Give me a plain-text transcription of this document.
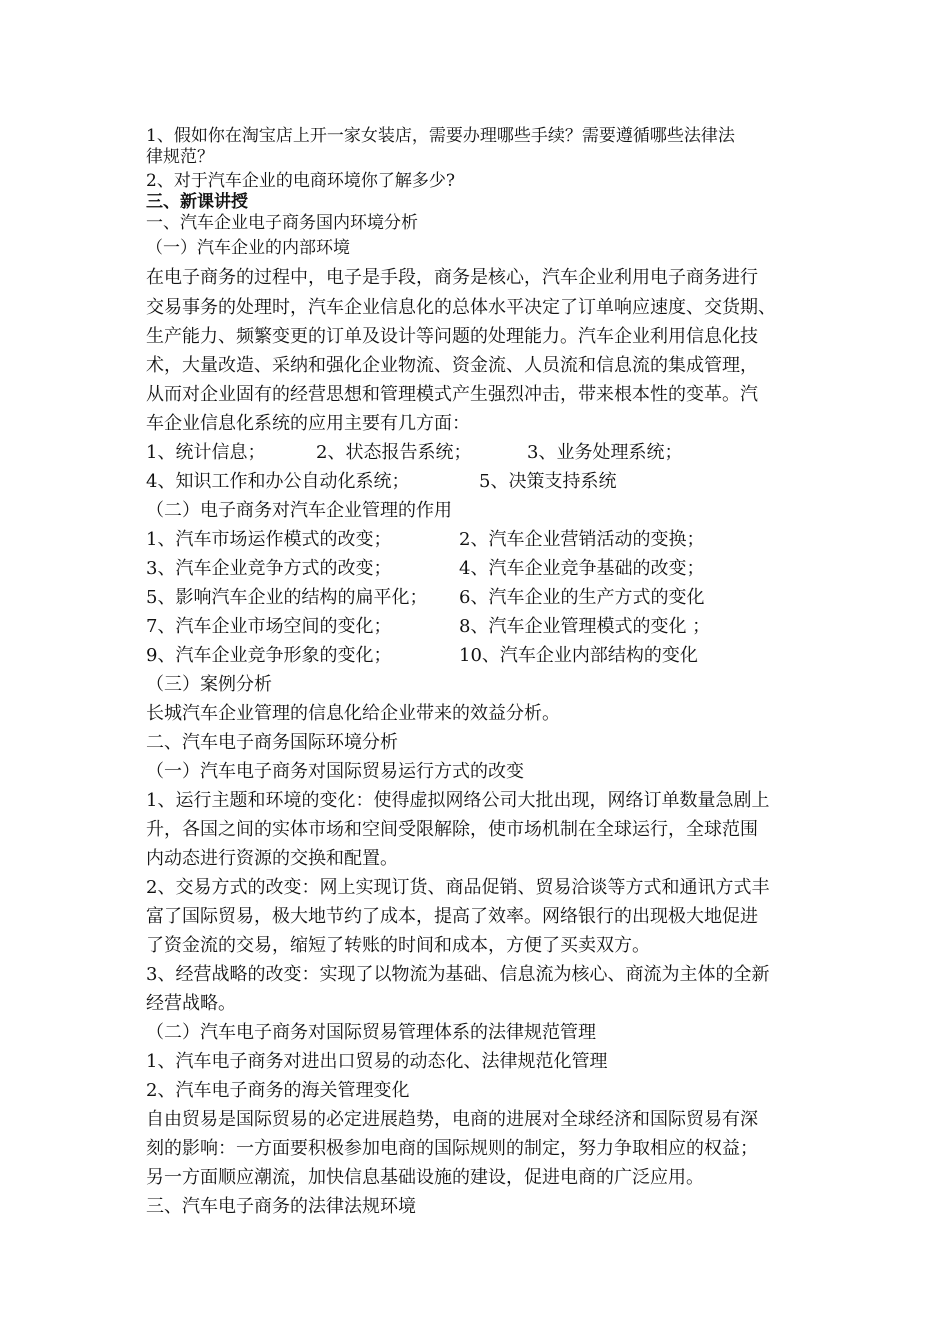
1、假如你在淘宝店上开一家女装店，需要办理哪些手续？需要遵循哪些法律法
律规范？
2、对于汽车企业的电商环境你了解多少?
三、新课讲授
一、汽车企业电子商务国内环境分析
（一）汽车企业的内部环境
在电子商务的过程中，电子是手段，商务是核心，汽车企业利用电子商务进行
交易事务的处理时，汽车企业信息化的总体水平决定了订单响应速度、交货期、
生产能力、频繁变更的订单及设计等问题的处理能力。汽车企业利用信息化技
术，大量改造、采纳和强化企业物流、资金流、人员流和信息流的集成管理，
从而对企业固有的经营思想和管理模式产生强烈冲击，带来根本性的变革。汽
车企业信息化系统的应用主要有几方面：
1、统计信息；	2、状态报告系统；	3、业务处理系统；
4、知识工作和办公自动化系统；	5、决策支持系统
（二）电子商务对汽车企业管理的作用
1、汽车市场运作模式的改变；	2、汽车企业营销活动的变换；
3、汽车企业竞争方式的改变；	4、汽车企业竞争基础的改变；
5、影响汽车企业的结构的扁平化； 6、汽车企业的生产方式的变化
7、汽车企业市场空间的变化；	8、汽车企业管理模式的变化 ；
9、汽车企业竞争形象的变化；	10、汽车企业内部结构的变化
（三）案例分析
长城汽车企业管理的信息化给企业带来的效益分析。
二、汽车电子商务国际环境分析
（一）汽车电子商务对国际贸易运行方式的改变
1、运行主题和环境的变化：使得虚拟网络公司大批出现，网络订单数量急剧上
升，各国之间的实体市场和空间受限解除，使市场机制在全球运行，全球范围
内动态进行资源的交换和配置。
2、交易方式的改变：网上实现订货、商品促销、贸易洽谈等方式和通讯方式丰
富了国际贸易，极大地节约了成本，提高了效率。网络银行的出现极大地促进
了资金流的交易，缩短了转账的时间和成本，方便了买卖双方。
3、经营战略的改变：实现了以物流为基础、信息流为核心、商流为主体的全新
经营战略。
（二）汽车电子商务对国际贸易管理体系的法律规范管理
1、汽车电子商务对进出口贸易的动态化、法律规范化管理
2、汽车电子商务的海关管理变化
自由贸易是国际贸易的必定进展趋势，电商的进展对全球经济和国际贸易有深
刻的影响：一方面要积极参加电商的国际规则的制定，努力争取相应的权益；
另一方面顺应潮流，加快信息基础设施的建设，促进电商的广泛应用。
三、汽车电子商务的法律法规环境
